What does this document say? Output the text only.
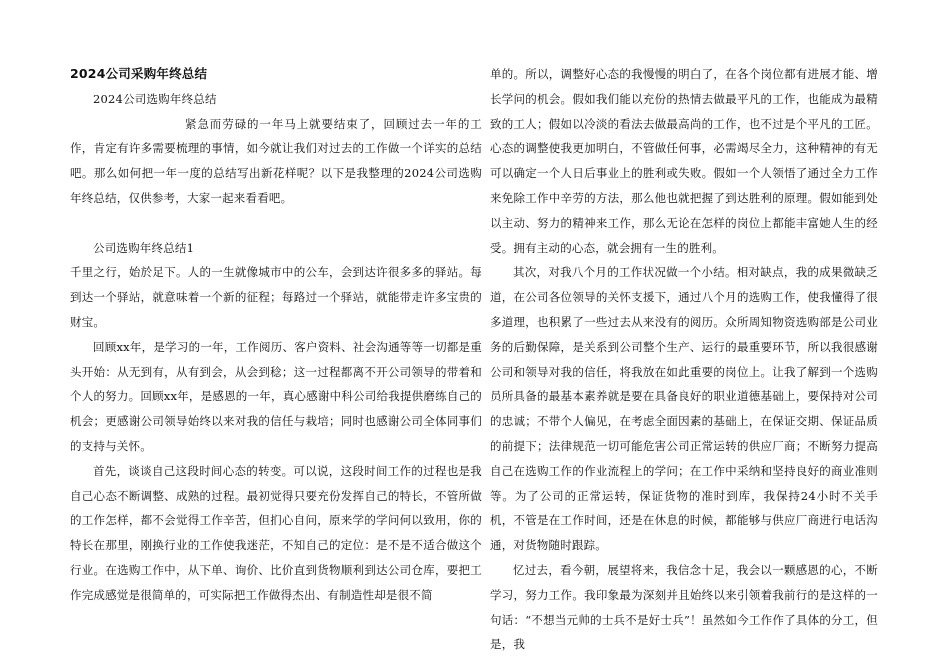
2024公司采购年终总结

2024公司选购年终总结

紧急而劳碌的一年马上就要结束了，回顾过去一年的工作，肯定有许多需要梳理的事情，如今就让我们对过去的工作做一个详实的总结吧。那么如何把一年一度的总结写出新花样呢？以下是我整理的2024公司选购年终总结，仅供参考，大家一起来看看吧。

公司选购年终总结1

千里之行，始於足下。人的一生就像城市中的公车，会到达许很多多的驿站。每到达一个驿站，就意味着一个新的征程；每路过一个驿站，就能带走许多宝贵的财宝。

回顾xx年，是学习的一年，工作阅历、客户资料、社会沟通等等一切都是重头开始：从无到有，从有到会，从会到稔；这一过程都离不开公司领导的带着和个人的努力。回顾xx年，是感恩的一年，真心感谢中科公司给我提供磨练自己的机会；更感谢公司领导始终以来对我的信任与栽培；同时也感谢公司全体同事们的支持与关怀。

首先，谈谈自己这段时间心态的转变。可以说，这段时间工作的过程也是我自己心态不断调整、成熟的过程。最初觉得只要充份发挥自己的特长，不管所做的工作怎样，都不会觉得工作辛苦，但扪心自问，原来学的学问何以致用，你的特长在那里，刚换行业的工作使我迷茫，不知自己的定位：是不是不适合做这个行业。在选购工作中，从下单、询价、比价直到货物顺利到达公司仓库，要把工作完成感觉是很简单的，可实际把工作做得杰出、有制造性却是很不简

单的。所以，调整好心态的我慢慢的明白了，在各个岗位都有进展才能、增长学问的机会。假如我们能以充份的热情去做最平凡的工作，也能成为最精致的工人；假如以冷淡的看法去做最高尚的工作，也不过是个平凡的工匠。心态的调整使我更加明白，不管做任何事，必需竭尽全力，这种精神的有无可以确定一个人日后事业上的胜利或失败。假如一个人领悟了通过全力工作来免除工作中辛劳的方法，那么他也就把握了到达胜利的原理。假如能到处以主动、努力的精神来工作，那么无论在怎样的岗位上都能丰富她人生的经受。拥有主动的心态，就会拥有一生的胜利。

其次，对我八个月的工作状况做一个小结。相对缺点，我的成果微缺乏道，在公司各位领导的关怀支援下，通过八个月的选购工作，使我懂得了很多道理，也积累了一些过去从来没有的阅历。众所周知物资选购部是公司业务的后勤保障，是关系到公司整个生产、运行的最重要环节，所以我很感谢公司和领导对我的信任，将我放在如此重要的岗位上。让我了解到一个选购员所具备的最基本素养就是要在具备良好的职业道德基础上，要保持对公司的忠诚；不带个人偏见，在考虑全面因素的基础上，在保证交期、保证品质的前提下；法律规范一切可能危害公司正常运转的供应厂商；不断努力提高自己在选购工作的作业流程上的学问；在工作中采纳和坚持良好的商业准则等。为了公司的正常运转，保证货物的准时到库，我保持24小时不关手机，不管是在工作时间，还是在休息的时候，都能够与供应厂商进行电话沟通，对货物随时跟踪。

忆过去，看今朝，展望将来，我信念十足，我会以一颗感恩的心，不断学习，努力工作。我印象最为深刻并且始终以来引领着我前行的是这样的一句话：“不想当元帅的士兵不是好士兵”！虽然如今工作作了具体的分工，但是，我
